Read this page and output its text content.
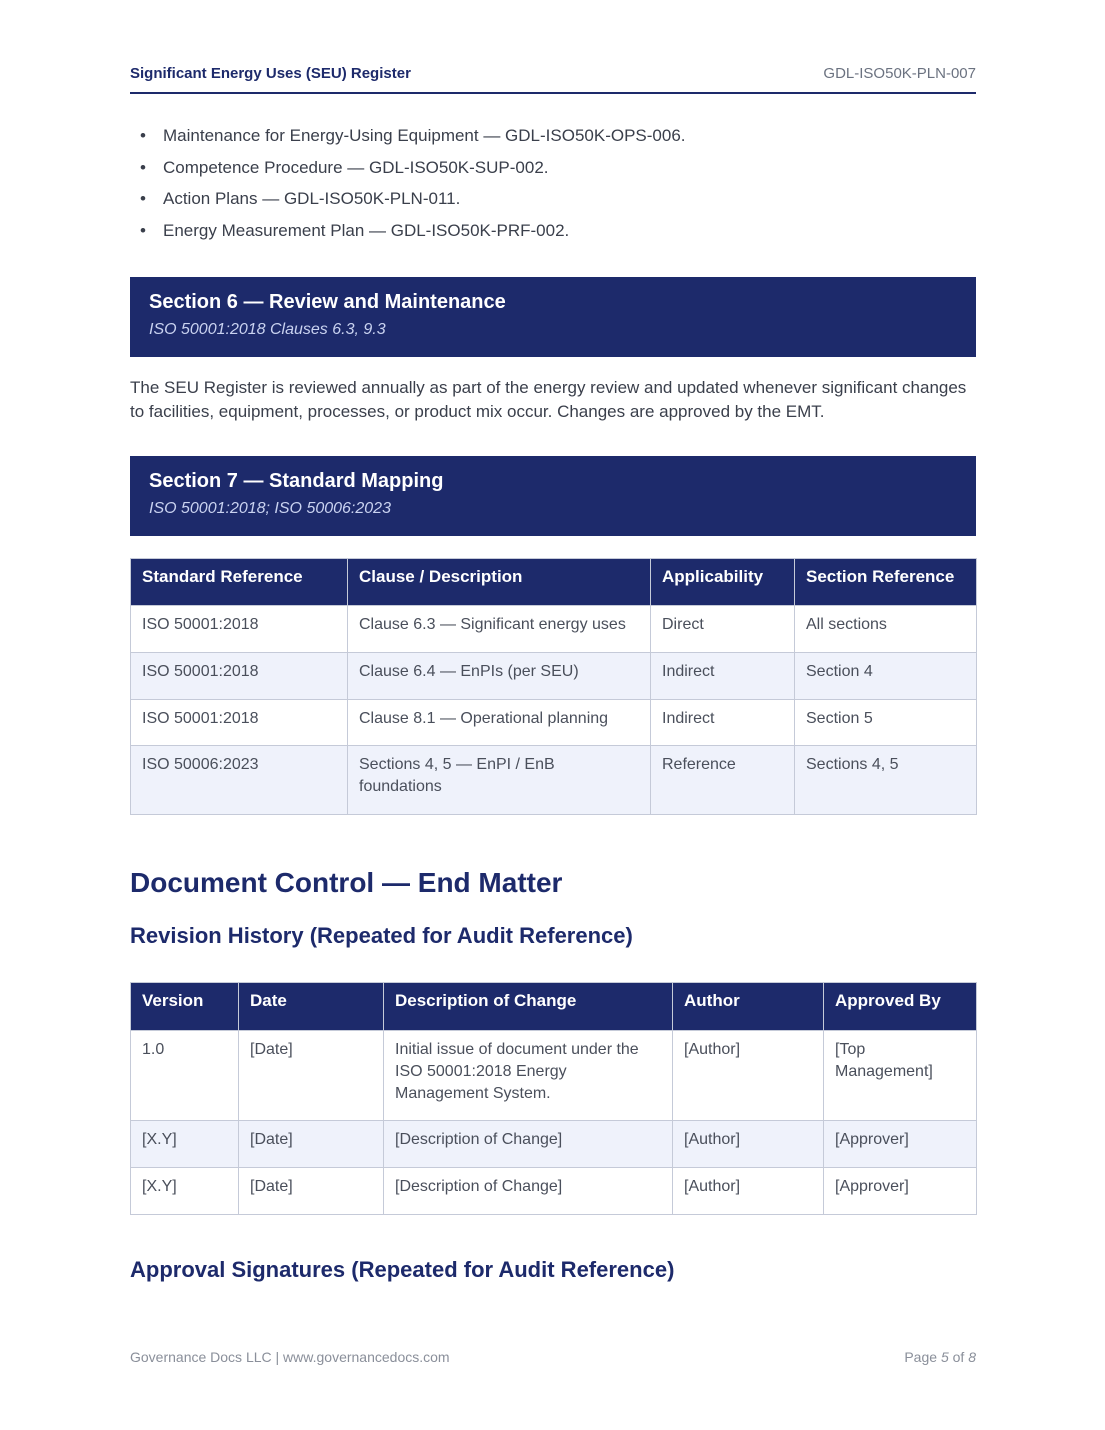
Significant Energy Uses (SEU) Register	GDL-ISO50K-PLN-007
• Maintenance for Energy-Using Equipment — GDL-ISO50K-OPS-006.
• Competence Procedure — GDL-ISO50K-SUP-002.
• Action Plans — GDL-ISO50K-PLN-011.
• Energy Measurement Plan — GDL-ISO50K-PRF-002.
Section 6 — Review and Maintenance
ISO 50001:2018 Clauses 6.3, 9.3

The SEU Register is reviewed annually as part of the energy review and updated whenever significant changes to facilities, equipment, processes, or product mix occur. Changes are approved by the EMT.

Section 7 — Standard Mapping
ISO 50001:2018; ISO 50006:2023
Standard Reference	Clause / Description	Applicability	Section Reference
ISO 50001:2018	Clause 6.3 — Significant energy uses	Direct	All sections
ISO 50001:2018	Clause 6.4 — EnPIs (per SEU)	Indirect	Section 4
ISO 50001:2018	Clause 8.1 — Operational planning	Indirect	Section 5
ISO 50006:2023	Sections 4, 5 — EnPI / EnB foundations	Reference	Sections 4, 5
Document Control — End Matter
Revision History (Repeated for Audit Reference)
Version	Date	Description of Change	Author	Approved By
1.0	[Date]	Initial issue of document under the ISO 50001:2018 Energy Management System.	[Author]	[Top Management]
[X.Y]	[Date]	[Description of Change]	[Author]	[Approver]
[X.Y]	[Date]	[Description of Change]	[Author]	[Approver]
Approval Signatures (Repeated for Audit Reference)
Governance Docs LLC | www.governancedocs.com	Page 5 of 8
